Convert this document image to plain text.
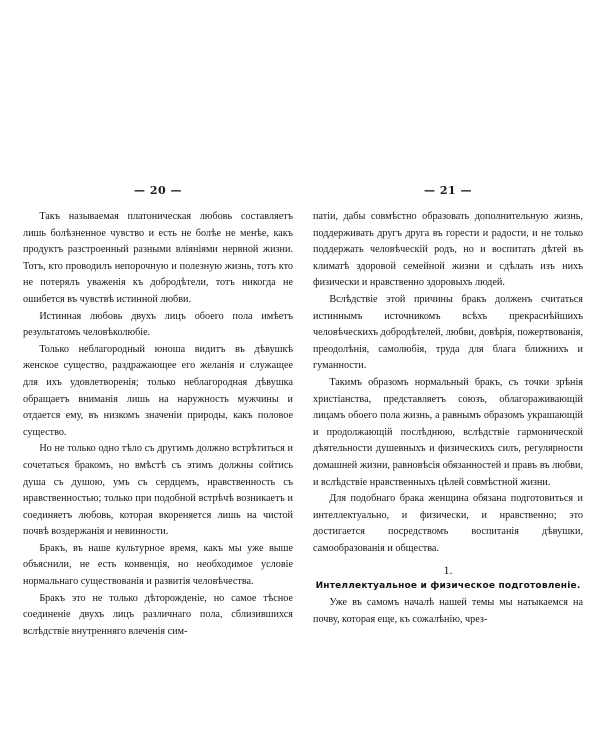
— 20 —

Такъ называемая платоническая любовь составляетъ лишь болѣзненное чувство и есть не болѣе не менѣе, какъ продуктъ разстроенный разными вліяніями нервной жизни. Тотъ, кто проводилъ непорочную и полезную жизнь, тотъ кто не потерялъ уваженія къ добродѣтели, тотъ никогда не ошибется въ чувствѣ истинной любви.

Истинная любовь двухъ лицъ обоего пола имѣетъ результатомъ человѣколюбіе.

Только неблагородный юноша видитъ въ дѣвушкѣ женское существо, раздражающее его желанія и служащее для ихъ удовлетворенія; только неблагородная дѣвушка обращаетъ вниманія лишь на наружность мужчины и отдается ему, въ низкомъ значеніи природы, какъ половое существо.

Но не только одно тѣло съ другимъ должно встрѣтиться и сочетаться бракомъ, но вмѣстѣ съ этимъ должны сойтись душа съ душою, умъ съ сердцемъ, нравственность съ нравственностью; только при подобной встрѣчѣ возникаетъ и соединяетъ любовь, которая вкореняется лишь на чистой почвѣ воздержанія и невинности.

Бракъ, въ нашe культурное время, какъ мы уже выше объяснили, не есть конвенція, но необходимое условіе нормальнаго существованія и развитія человѣчества.

Бракъ это не только дѣторожденіе, но самое тѣсное соединеніе двухъ лицъ различнаго пола, сблизившихся вслѣдствіе внутренняго влеченія сим-

— 21 —

патіи, дабы совмѣстно образовать дополнительную жизнь, поддерживать другъ друга въ горести и радости, и не только поддержать человѣческій родъ, но и воспитать дѣтей въ климатѣ здоровой семейной жизни и сдѣлать изъ нихъ физически и нравственно здоровыхъ людей.

Вслѣдствіе этой причины бракъ долженъ считаться истиннымъ источникомъ всѣхъ прекраснѣйшихъ человѣческихъ добродѣтелей, любви, довѣрія, пожертвованія, преодолѣнія, самолюбія, труда для блага ближнихъ и гуманности.

Такимъ образомъ нормальный бракъ, съ точки зрѣнія христіанства, представляетъ союзъ, облагораживающій лицамъ обоего пола жизнь, а равнымъ образомъ украшающій и продолжающій послѣднюю, вслѣдствіе гармонической дѣятельности душевныхъ и физическихъ силъ, регулярности домашней жизни, равновѣсія обязанностей и правъ въ любви, и вслѣдствіе нравственныхъ цѣлей совмѣстной жизни.

Для подобнаго брака женщина обязана подготовиться и интеллектуально, и физически, и нравственно; это достигается посредствомъ воспитанія дѣвушки, самообразованія и общества.

1.
Интеллектуальное и физическое подготовленіе.

Уже въ самомъ началѣ нашей темы мы натыкаемся на почву, которая еще, къ сожалѣнію, чрез-
